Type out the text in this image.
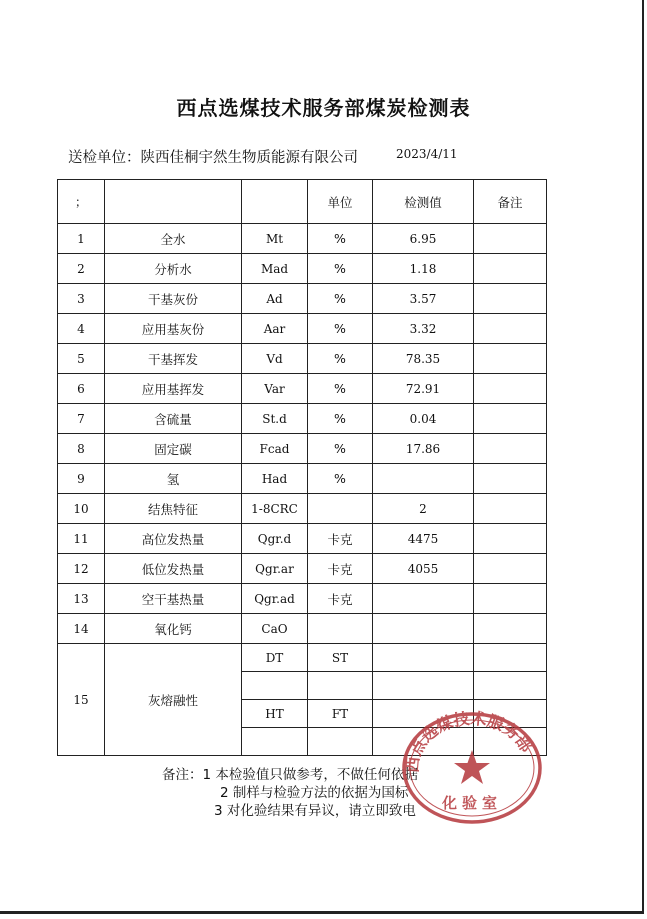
西点选煤技术服务部煤炭检测表
送检单位：陕西佳桐宇然生物质能源有限公司	2023/4/11
；			单位	检测值	备注
1	全水	Mt	%	6.95	
2	分析水	Mad	%	1.18	
3	干基灰份	Ad	%	3.57	
4	应用基灰份	Aar	%	3.32	
5	干基挥发	Vd	%	78.35	
6	应用基挥发	Var	%	72.91	
7	含硫量	St.d	%	0.04	
8	固定碳	Fcad	%	17.86	
9	氢	Had	%		
10	结焦特征	1-8CRC		2	
11	高位发热量	Qgr.d	卡克	4475	
12	低位发热量	Qgr.ar	卡克	4055	
13	空干基热量	Qgr.ad	卡克		
14	氧化钙	CaO			
15	灰熔融性	DT	ST		

		HT	FT		

备注：1 本检验值只做参考，不做任何依据
2 制样与检验方法的依据为国标
3 对化验结果有异议，请立即致电
西点选煤技术服务部
化验室
